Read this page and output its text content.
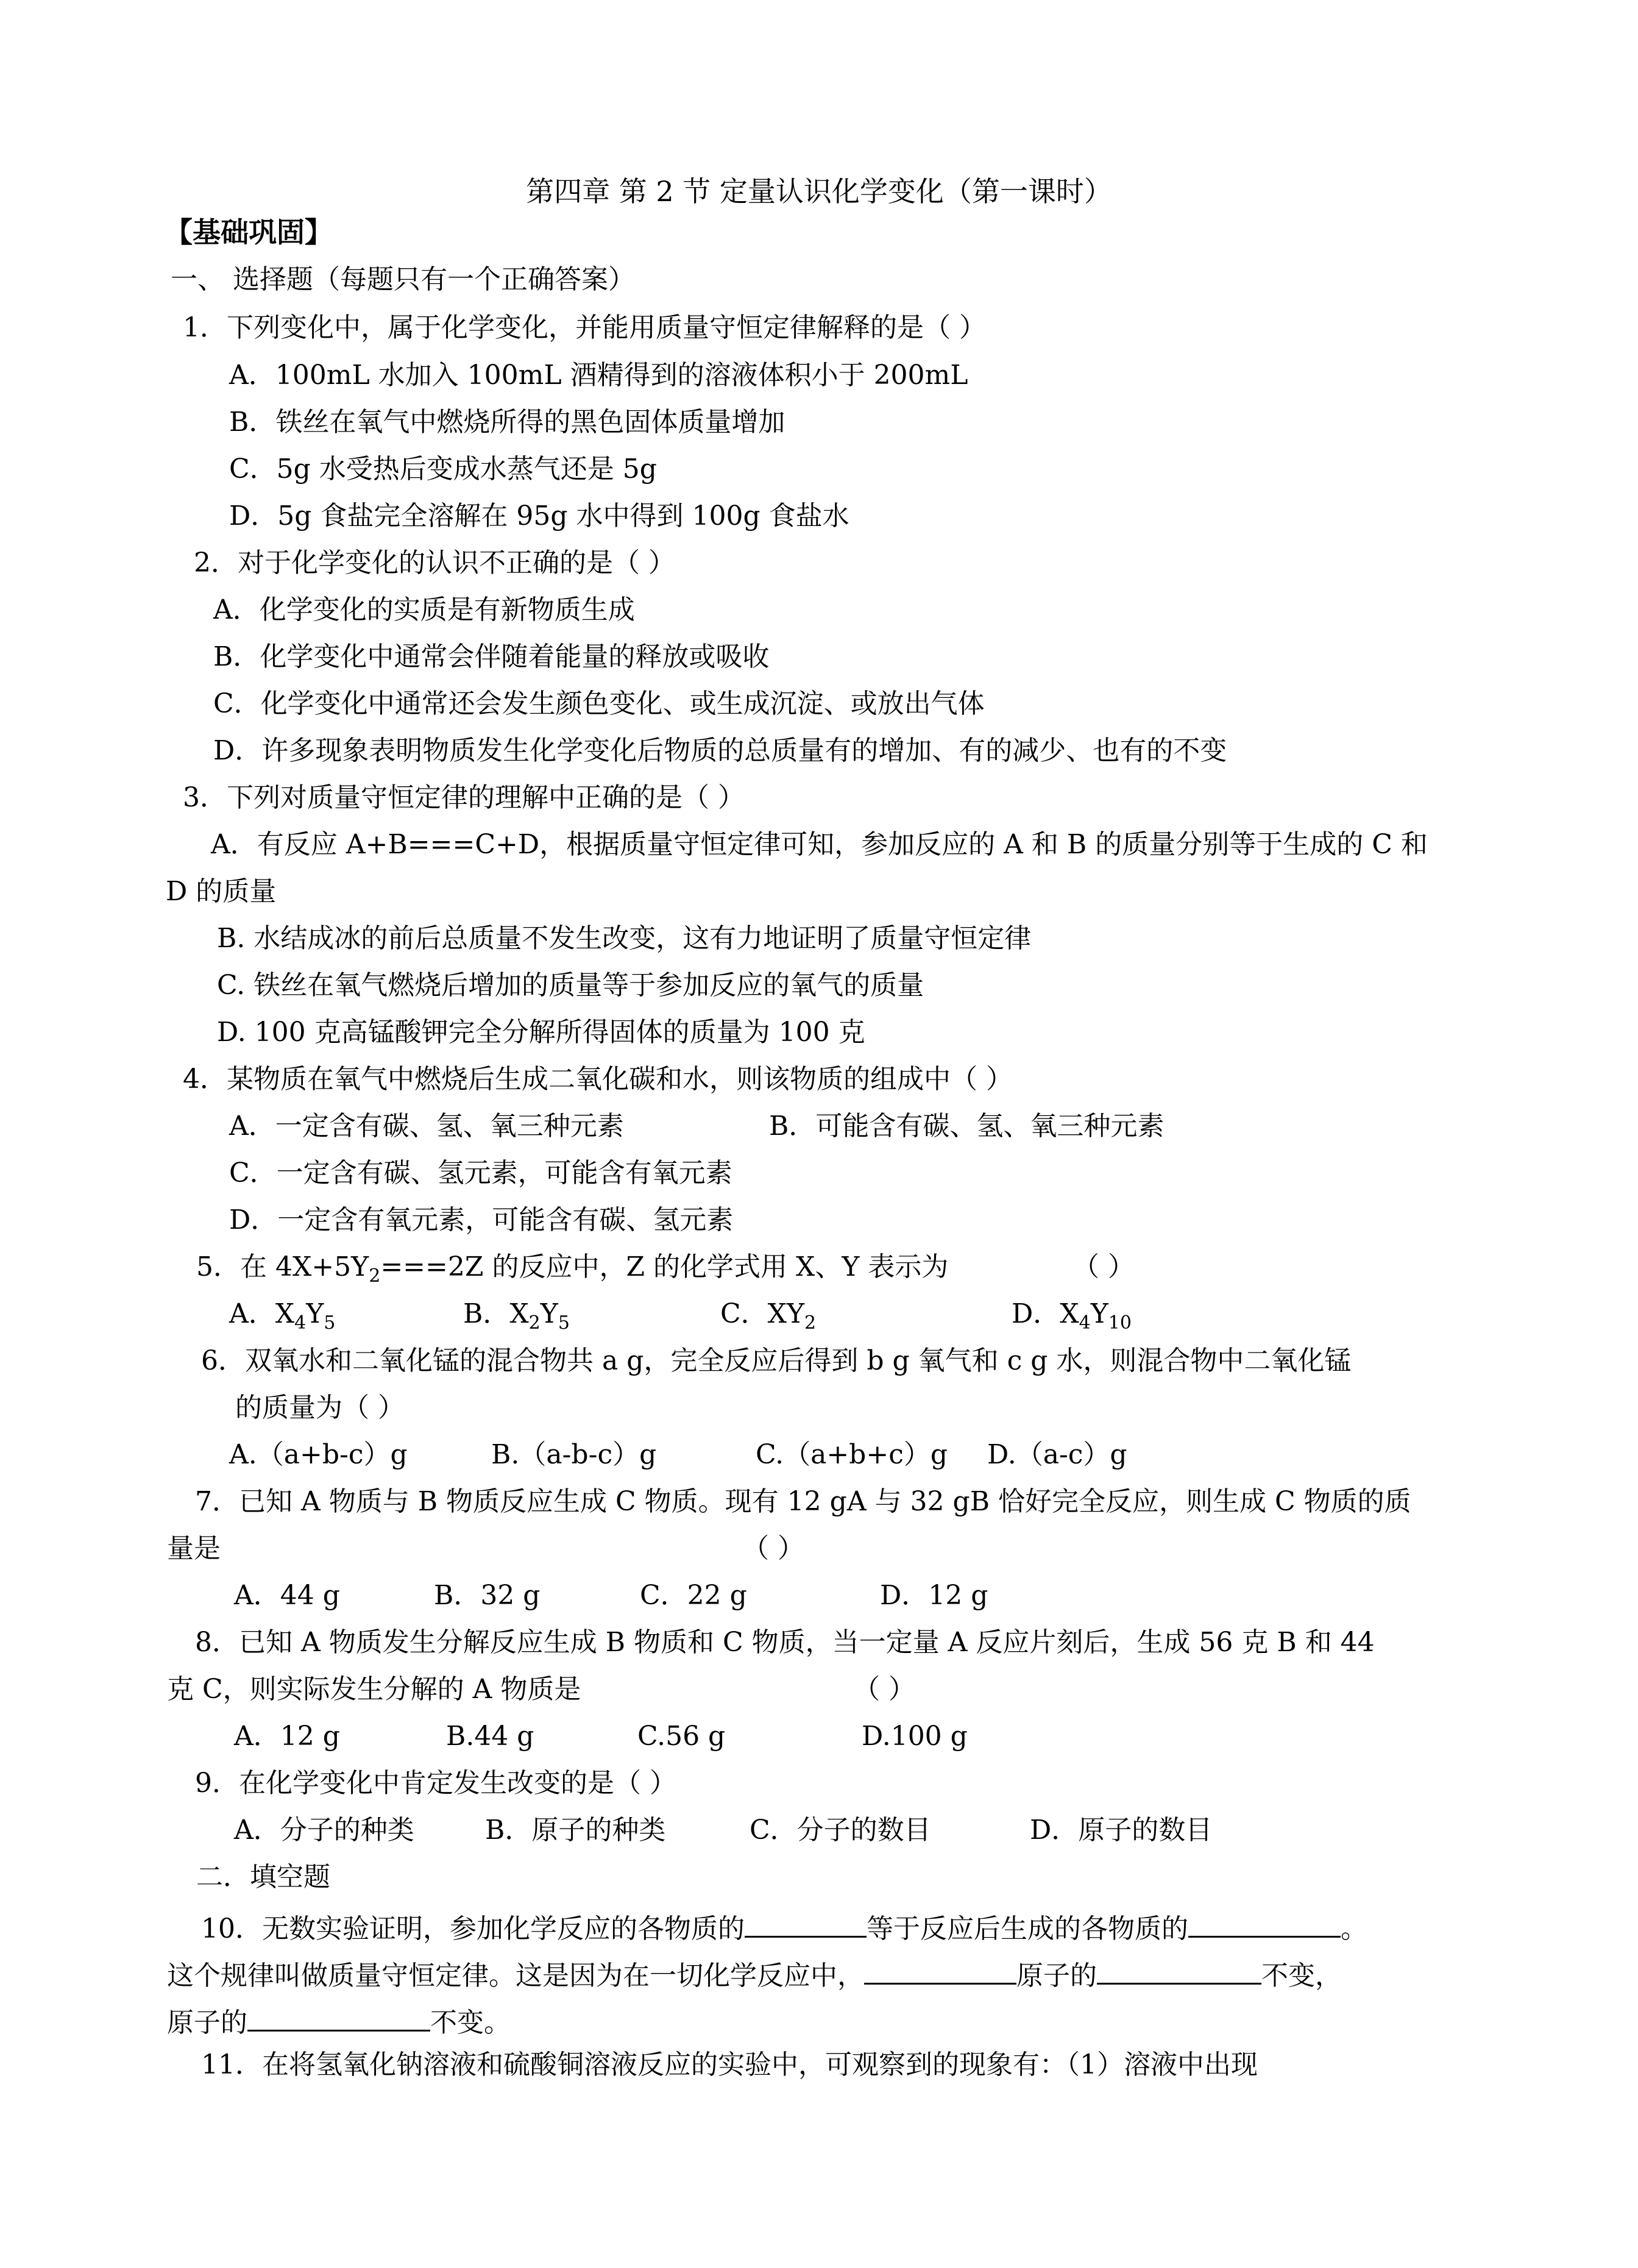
第四章 第 2 节 定量认识化学变化（第一课时）
【基础巩固】
一、 选择题（每题只有一个正确答案）
1．下列变化中，属于化学变化，并能用质量守恒定律解释的是（ ）
A．100mL 水加入 100mL 酒精得到的溶液体积小于 200mL
B．铁丝在氧气中燃烧所得的黑色固体质量增加
C．5g 水受热后变成水蒸气还是 5g
D．5g 食盐完全溶解在 95g 水中得到 100g 食盐水
2．对于化学变化的认识不正确的是（ ）
A．化学变化的实质是有新物质生成
B．化学变化中通常会伴随着能量的释放或吸收
C．化学变化中通常还会发生颜色变化、或生成沉淀、或放出气体
D．许多现象表明物质发生化学变化后物质的总质量有的增加、有的减少、也有的不变
3．下列对质量守恒定律的理解中正确的是（ ）
A．有反应 A+B===C+D，根据质量守恒定律可知，参加反应的 A 和 B 的质量分别等于生成的 C 和
D 的质量
B. 水结成冰的前后总质量不发生改变，这有力地证明了质量守恒定律
C. 铁丝在氧气燃烧后增加的质量等于参加反应的氧气的质量
D. 100 克高锰酸钾完全分解所得固体的质量为 100 克
4．某物质在氧气中燃烧后生成二氧化碳和水，则该物质的组成中（ ）
A．一定含有碳、氢、氧三种元素	B．可能含有碳、氢、氧三种元素
C．一定含有碳、氢元素，可能含有氧元素
D．一定含有氧元素，可能含有碳、氢元素
5．在 $4X+5Y_2===2Z$ 的反应中，Z 的化学式用 X、Y 表示为	（ ）
A．$X_4Y_5$	B．$X_2Y_5$	C．$XY_2$	D．$X_4Y_{10}$
6．双氧水和二氧化锰的混合物共 a g，完全反应后得到 b g 氧气和 c g 水，则混合物中二氧化锰
的质量为（ ）
A.（a+b-c）g	B.（a-b-c）g	C.（a+b+c）g D.（a-c）g
7．已知 A 物质与 B 物质反应生成 C 物质。现有 12 gA 与 32 gB 恰好完全反应，则生成 C 物质的质
量是	（ ）
A．44 g	B．32 g	C．22 g	D．12 g
8．已知 A 物质发生分解反应生成 B 物质和 C 物质，当一定量 A 反应片刻后，生成 56 克 B 和 44
克 C，则实际发生分解的 A 物质是	（ ）
A．12 g	B.44 g	C.56 g	D.100 g
9．在化学变化中肯定发生改变的是（ ）
A．分子的种类	B．原子的种类	C．分子的数目	D．原子的数目
二．填空题
10．无数实验证明，参加化学反应的各物质的	等于反应后生成的各物质的	。
这个规律叫做质量守恒定律。这是因为在一切化学反应中，	原子的	不变，
原子的	不变。
11．在将氢氧化钠溶液和硫酸铜溶液反应的实验中，可观察到的现象有：（1）溶液中出现
